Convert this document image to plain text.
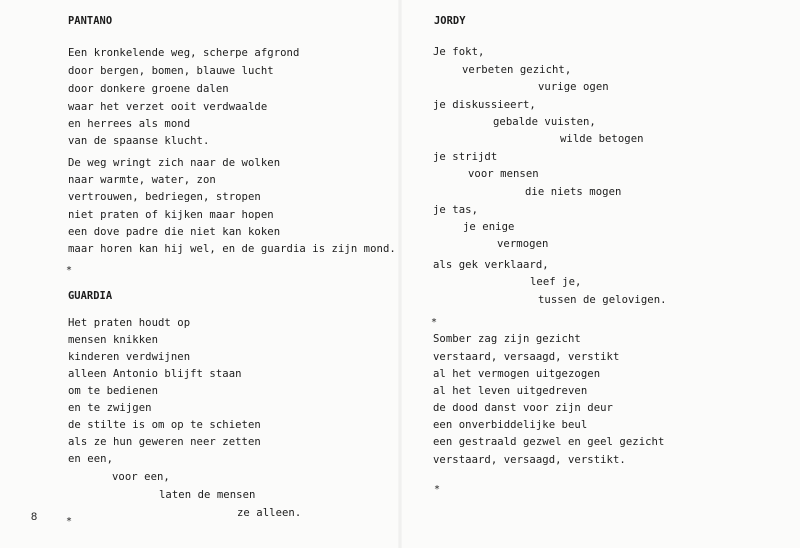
PANTANO
Een kronkelende weg, scherpe afgrond
door bergen, bomen, blauwe lucht
door donkere groene dalen
waar het verzet ooit verdwaalde
en herrees als mond
van de spaanse klucht.
De weg wringt zich naar de wolken
naar warmte, water, zon
vertrouwen, bedriegen, stropen
niet praten of kijken maar hopen
een dove padre die niet kan koken
maar horen kan hij wel, en de guardia is zijn mond.
*
GUARDIA
Het praten houdt op
mensen knikken
kinderen verdwijnen
alleen Antonio blijft staan
om te bedienen
en te zwijgen
de stilte is om op te schieten
als ze hun geweren neer zetten
en een,
voor een,
laten de mensen
ze alleen.
*
8
JORDY
Je fokt,
verbeten gezicht,
vurige ogen
je diskussieert,
gebalde vuisten,
wilde betogen
je strijdt
voor mensen
die niets mogen
je tas,
je enige
vermogen
als gek verklaard,
leef je,
tussen de gelovigen.
*
Somber zag zijn gezicht
verstaard, versaagd, verstikt
al het vermogen uitgezogen
al het leven uitgedreven
de dood danst voor zijn deur
een onverbiddelijke beul
een gestraald gezwel en geel gezicht
verstaard, versaagd, verstikt.
*
